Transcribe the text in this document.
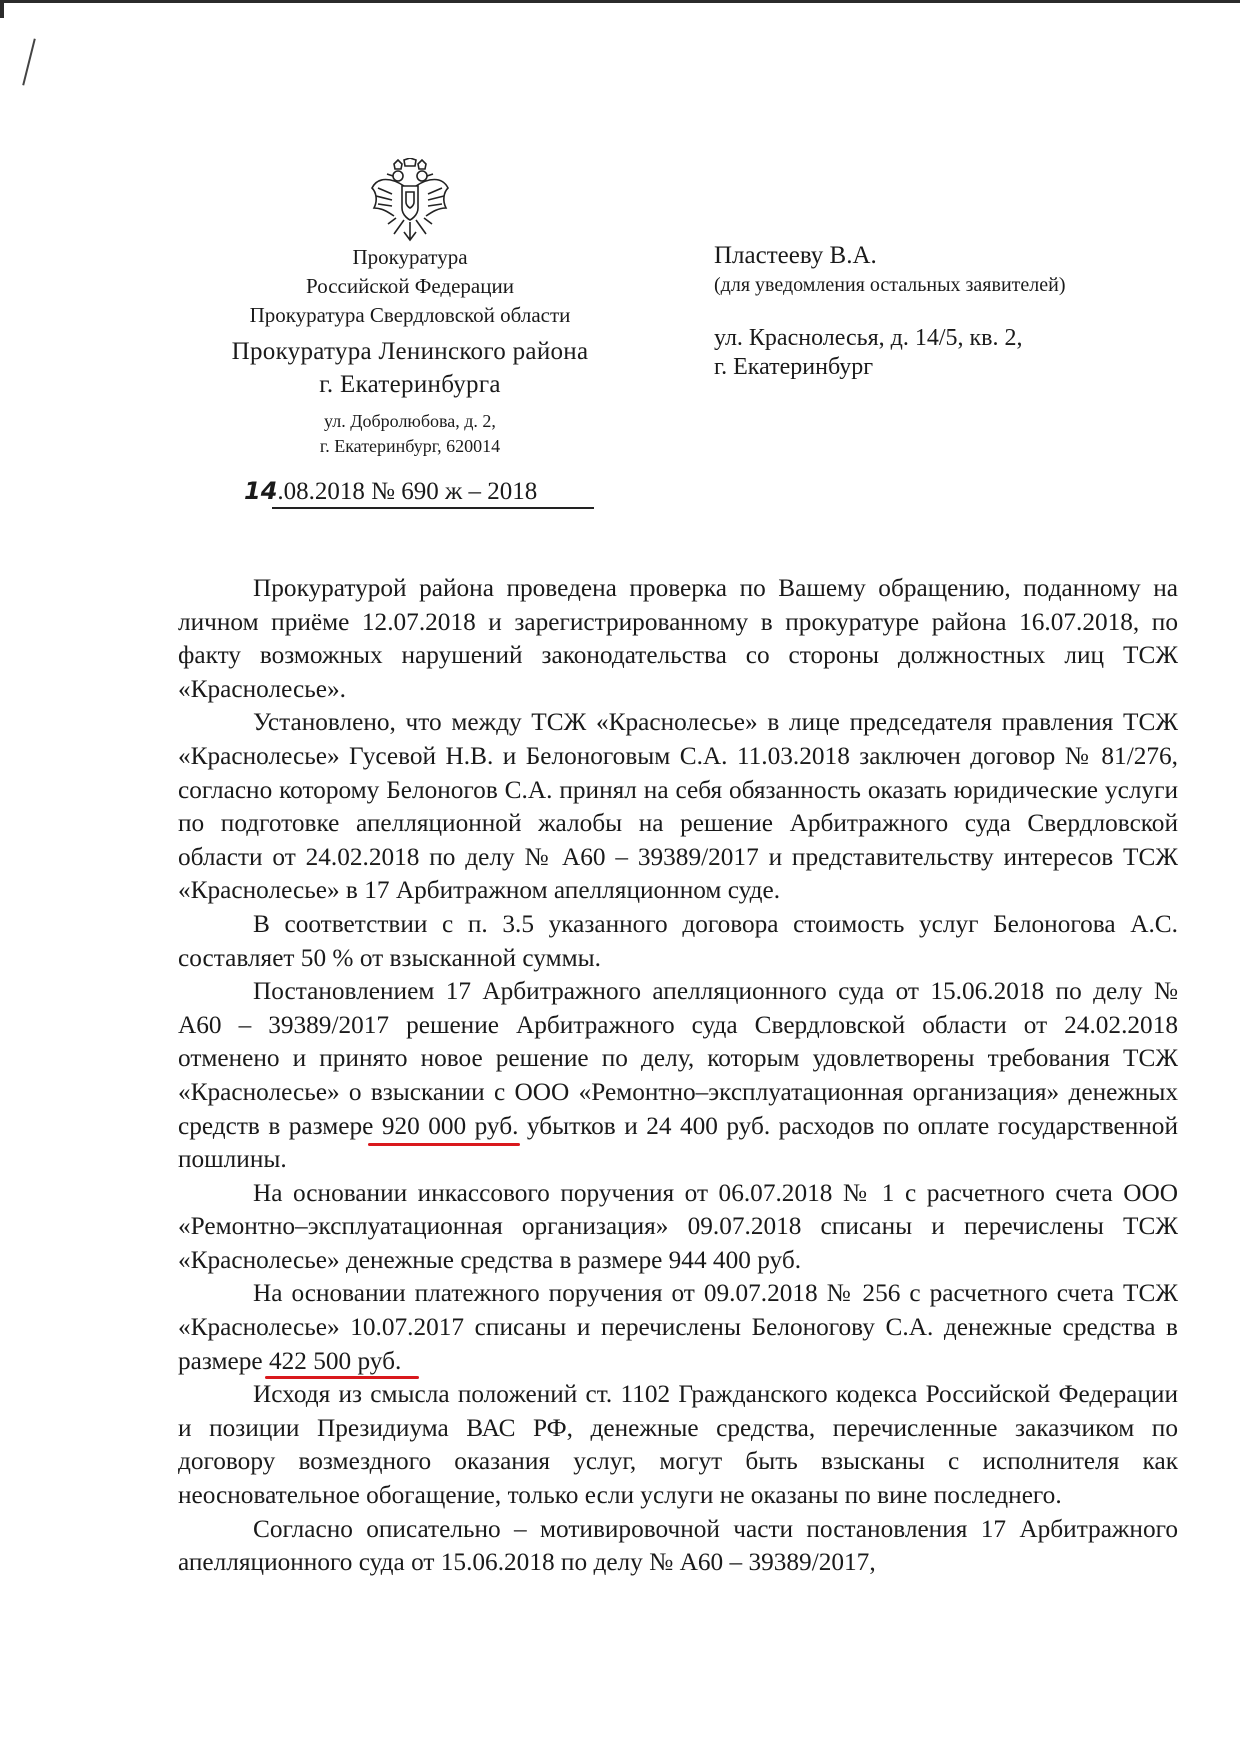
Прокуратура
Российской Федерации
Прокуратура Свердловской области
Прокуратура Ленинского района
г. Екатеринбурга
ул. Добролюбова, д. 2,
г. Екатеринбург, 620014
14.08.2018 № 690 ж – 2018
Пластееву В.А.
(для уведомления остальных заявителей)
ул. Краснолесья, д. 14/5, кв. 2,
г. Екатеринбург

Прокуратурой района проведена проверка по Вашему обращению, поданному на личном приёме 12.07.2018 и зарегистрированному в прокуратуре района 16.07.2018, по факту возможных нарушений законодательства со стороны должностных лиц ТСЖ «Краснолесье».

Установлено, что между ТСЖ «Краснолесье» в лице председателя правления ТСЖ «Краснолесье» Гусевой Н.В. и Белоноговым С.А. 11.03.2018 заключен договор № 81/276, согласно которому Белоногов С.А. принял на себя обязанность оказать юридические услуги по подготовке апелляционной жалобы на решение Арбитражного суда Свердловской области от 24.02.2018 по делу № А60 – 39389/2017 и представительству интересов ТСЖ «Краснолесье» в 17 Арбитражном апелляционном суде.

В соответствии с п. 3.5 указанного договора стоимость услуг Белоногова А.С. составляет 50 % от взысканной суммы.

Постановлением 17 Арбитражного апелляционного суда от 15.06.2018 по делу № А60 – 39389/2017 решение Арбитражного суда Свердловской области от 24.02.2018 отменено и принято новое решение по делу, которым удовлетворены требования ТСЖ «Краснолесье» о взыскании с ООО «Ремонтно–эксплуатационная организация» денежных средств в размере 920 000 руб.
убытков и 24 400 руб. расходов по оплате государственной пошлины.

На основании инкассового поручения от 06.07.2018 № 1 с расчетного счета ООО «Ремонтно–эксплуатационная организация» 09.07.2018 списаны и перечислены ТСЖ «Краснолесье» денежные средства в размере 944 400 руб.

На основании платежного поручения от 09.07.2018 № 256 с расчетного счета ТСЖ «Краснолесье» 10.07.2017 списаны и перечислены Белоногову С.А. денежные средства в размере 422 500 руб.

Исходя из смысла положений ст. 1102 Гражданского кодекса Российской Федерации и позиции Президиума ВАС РФ, денежные средства, перечисленные заказчиком по договору возмездного оказания услуг, могут быть взысканы с исполнителя как неосновательное обогащение, только если услуги не оказаны по вине последнего.

Согласно описательно – мотивировочной части постановления 17 Арбитражного апелляционного суда от 15.06.2018 по делу № А60 – 39389/2017,
